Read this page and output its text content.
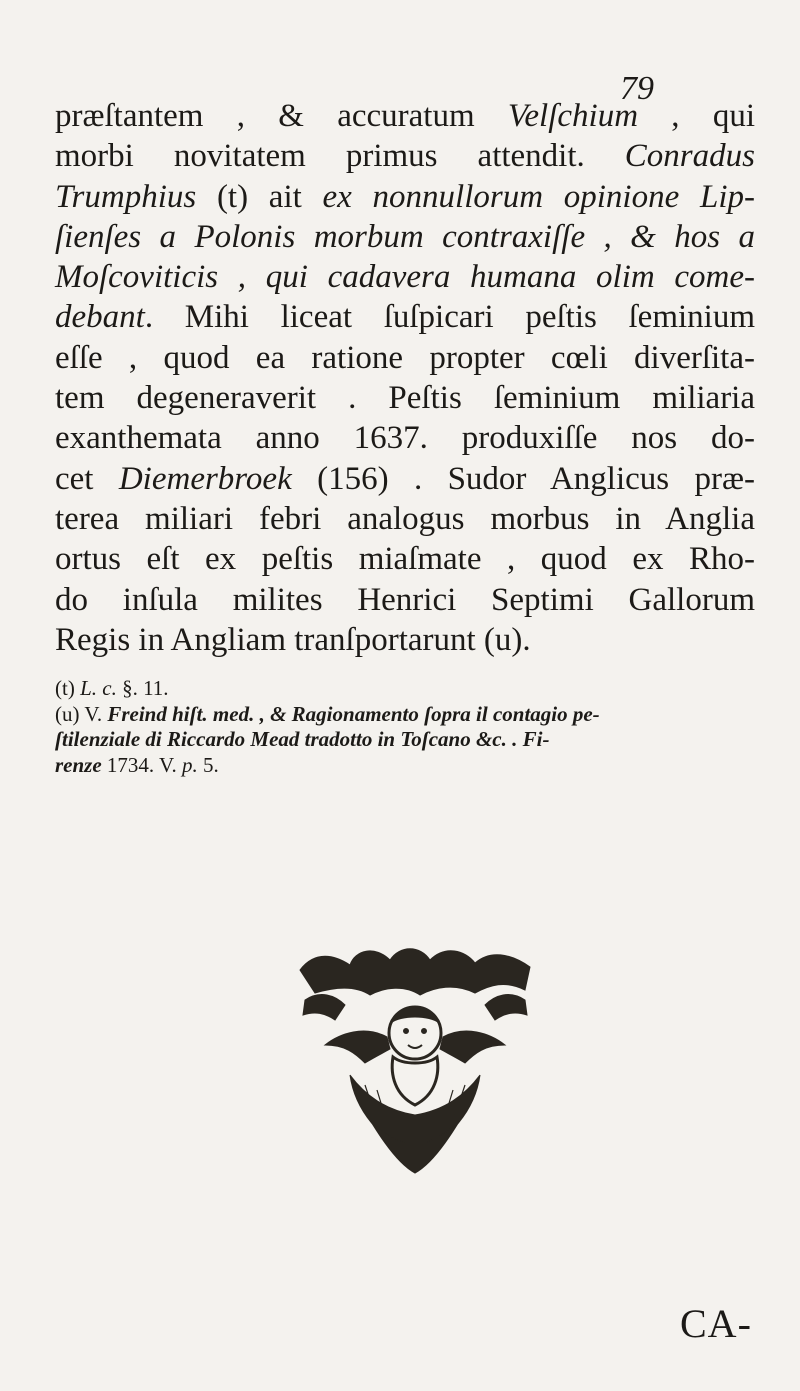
79
prӕſtantem , & accuratum Velſchium , qui
morbi novitatem primus attendit. Conradus
Trumphius (t) ait ex nonnullorum opinione Lip-
ſienſes a Polonis morbum contraxiſſe , & hos a
Moſcoviticis , qui cadavera humana olim come-
debant. Mihi liceat ſuſpicari peſtis ſeminium
eſſe , quod ea ratione propter cœli diverſita-
tem degeneraverit . Peſtis ſeminium miliaria
exanthemata anno 1637. produxiſſe nos do-
cet Diemerbroek (156) . Sudor Anglicus prӕ-
terea miliari febri analogus morbus in Anglia
ortus eſt ex peſtis miaſmate , quod ex Rho-
do inſula milites Henrici Septimi Gallorum
Regis in Angliam tranſportarunt (u).
(t) L. c. §. 11.
(u) V. Freind hiſt. med. , & Ragionamento ſopra il contagio pe-
ſtilenziale di Riccardo Mead tradotto in Toſcano &c. . Fi-
renze 1734. V. p. 5.
CA-
